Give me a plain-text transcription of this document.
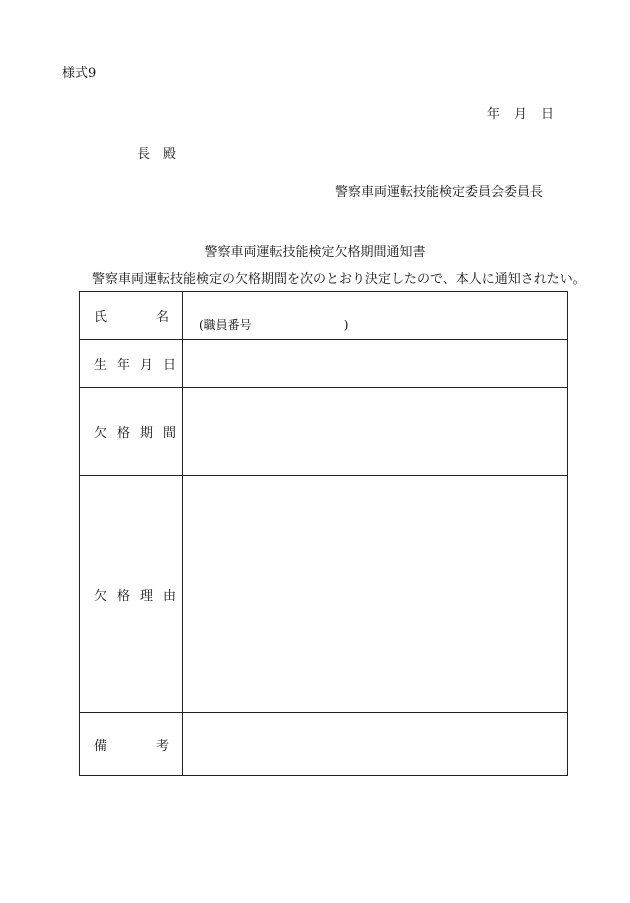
様式9
年 月 日
長　殿
警察車両運転技能検定委員会委員長
警察車両運転技能検定欠格期間通知書
警察車両運転技能検定の欠格期間を次のとおり決定したので、本人に通知されたい。
氏 名	(職員番号 )

生 年 月 日	

欠 格 期 間	

欠 格 理 由	

備 考	
